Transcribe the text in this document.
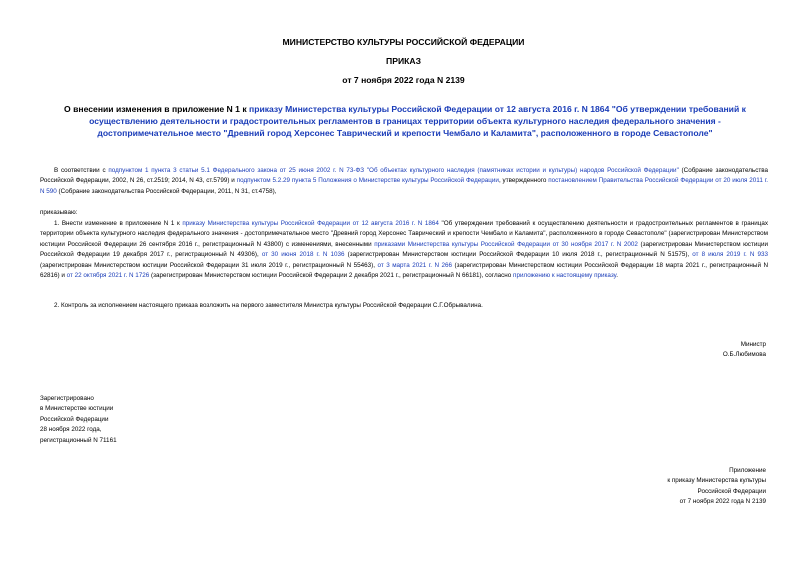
МИНИСТЕРСТВО КУЛЬТУРЫ РОССИЙСКОЙ ФЕДЕРАЦИИ
ПРИКАЗ
от 7 ноября 2022 года N 2139
О внесении изменения в приложение N 1 к приказу Министерства культуры Российской Федерации от 12 августа 2016 г. N 1864 "Об утверждении требований к осуществлению деятельности и градостроительных регламентов в границах территории объекта культурного наследия федерального значения - достопримечательное место "Древний город Херсонес Таврический и крепости Чембало и Каламита", расположенного в городе Севастополе"
В соответствии с подпунктом 1 пункта 3 статьи 5.1 Федерального закона от 25 июня 2002 г. N 73-ФЗ "Об объектах культурного наследия (памятниках истории и культуры) народов Российской Федерации" (Собрание законодательства Российской Федерации, 2002, N 26, ст.2519; 2014, N 43, ст.5799) и подпунктом 5.2.29 пункта 5 Положения о Министерстве культуры Российской Федерации, утвержденного постановлением Правительства Российской Федерации от 20 июля 2011 г. N 590 (Собрание законодательства Российской Федерации, 2011, N 31, ст.4758),
приказываю:
1. Внести изменение в приложение N 1 к приказу Министерства культуры Российской Федерации от 12 августа 2016 г. N 1864 "Об утверждении требований к осуществлению деятельности и градостроительных регламентов в границах территории объекта культурного наследия федерального значения - достопримечательное место "Древний город Херсонес Таврический и крепости Чембало и Каламита", расположенного в городе Севастополе" (зарегистрирован Министерством юстиции Российской Федерации 26 сентября 2016 г., регистрационный N 43800) с изменениями, внесенными приказами Министерства культуры Российской Федерации от 30 ноября 2017 г. N 2002 (зарегистрирован Министерством юстиции Российской Федерации 19 декабря 2017 г., регистрационный N 49306), от 30 июня 2018 г. N 1036 (зарегистрирован Министерством юстиции Российской Федерации 10 июля 2018 г., регистрационный N 51575), от 8 июля 2019 г. N 933 (зарегистрирован Министерством юстиции Российской Федерации 31 июля 2019 г., регистрационный N 55463), от 3 марта 2021 г. N 266 (зарегистрирован Министерством юстиции Российской Федерации 18 марта 2021 г., регистрационный N 62816) и от 22 октября 2021 г. N 1726 (зарегистрирован Министерством юстиции Российской Федерации 2 декабря 2021 г., регистрационный N 66181), согласно приложению к настоящему приказу.
2. Контроль за исполнением настоящего приказа возложить на первого заместителя Министра культуры Российской Федерации С.Г.Обрывалина.
Министр
О.Б.Любимова
Зарегистрировано
в Министерстве юстиции
Российской Федерации
28 ноября 2022 года,
регистрационный N 71161
Приложение
к приказу Министерства культуры
Российской Федерации
от 7 ноября 2022 года N 2139
